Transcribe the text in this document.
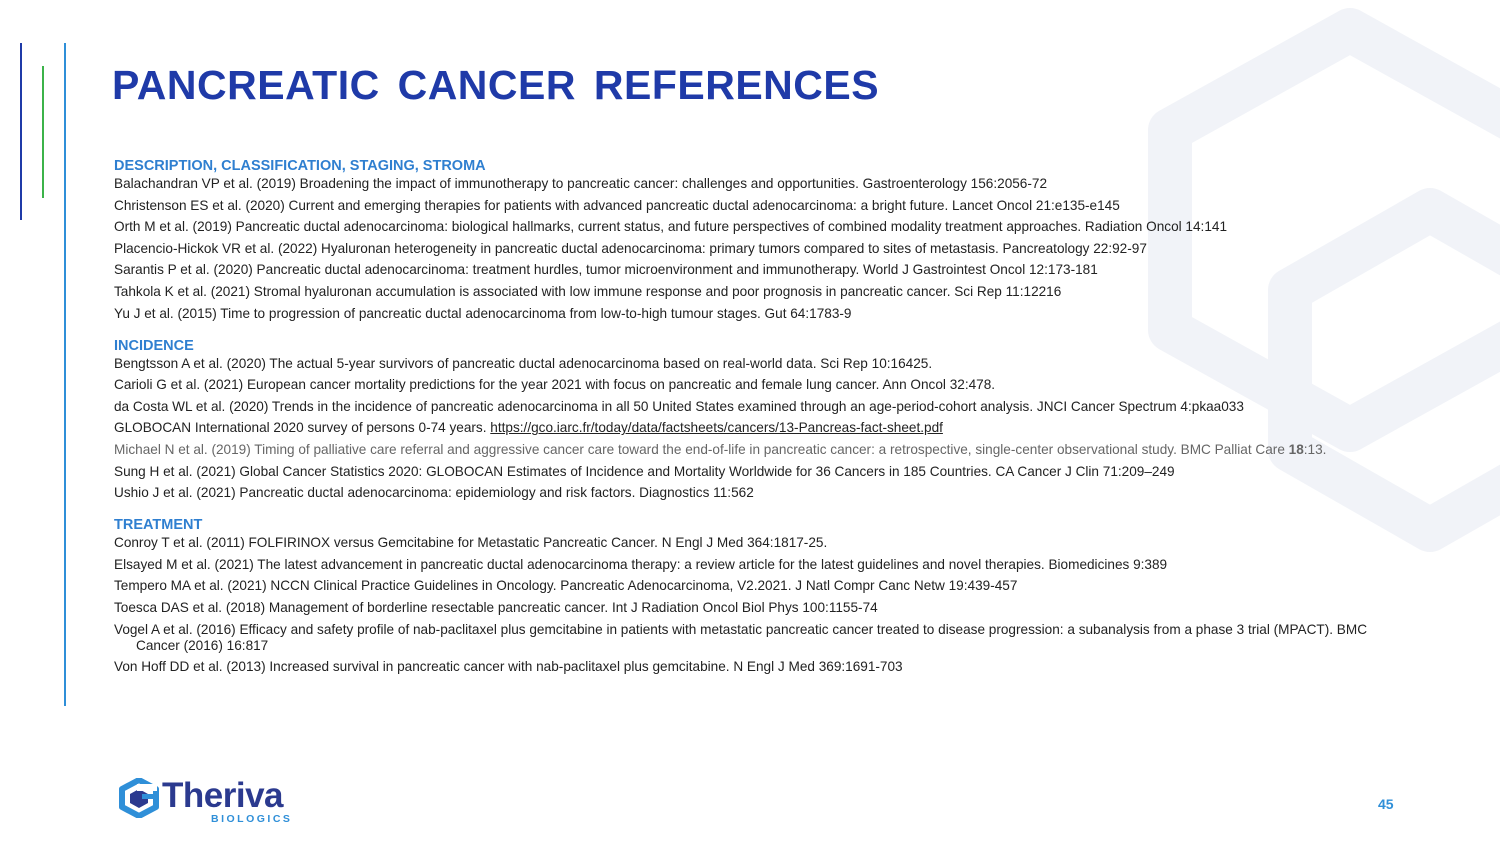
PANCREATIC CANCER REFERENCES
DESCRIPTION, CLASSIFICATION, STAGING, STROMA
Balachandran VP et al. (2019) Broadening the impact of immunotherapy to pancreatic cancer: challenges and opportunities. Gastroenterology 156:2056-72
Christenson ES et al. (2020) Current and emerging therapies for patients with advanced pancreatic ductal adenocarcinoma: a bright future. Lancet Oncol 21:e135-e145
Orth M et al. (2019) Pancreatic ductal adenocarcinoma: biological hallmarks, current status, and future perspectives of combined modality treatment approaches. Radiation Oncol 14:141
Placencio-Hickok VR et al. (2022) Hyaluronan heterogeneity in pancreatic ductal adenocarcinoma: primary tumors compared to sites of metastasis. Pancreatology 22:92-97
Sarantis P et al. (2020) Pancreatic ductal adenocarcinoma: treatment hurdles, tumor microenvironment and immunotherapy. World J Gastrointest Oncol 12:173-181
Tahkola K et al. (2021) Stromal hyaluronan accumulation is associated with low immune response and poor prognosis in pancreatic cancer. Sci Rep 11:12216
Yu J et al. (2015) Time to progression of pancreatic ductal adenocarcinoma from low-to-high tumour stages. Gut 64:1783-9
INCIDENCE
Bengtsson A et al. (2020) The actual 5-year survivors of pancreatic ductal adenocarcinoma based on real-world data. Sci Rep 10:16425.
Carioli G et al. (2021) European cancer mortality predictions for the year 2021 with focus on pancreatic and female lung cancer. Ann Oncol 32:478.
da Costa WL et al. (2020) Trends in the incidence of pancreatic adenocarcinoma in all 50 United States examined through an age-period-cohort analysis. JNCI Cancer Spectrum 4:pkaa033
GLOBOCAN International 2020 survey of persons 0-74 years. https://gco.iarc.fr/today/data/factsheets/cancers/13-Pancreas-fact-sheet.pdf
Michael N et al. (2019) Timing of palliative care referral and aggressive cancer care toward the end-of-life in pancreatic cancer: a retrospective, single-center observational study. BMC Palliat Care 18:13.
Sung H et al. (2021) Global Cancer Statistics 2020: GLOBOCAN Estimates of Incidence and Mortality Worldwide for 36 Cancers in 185 Countries. CA Cancer J Clin 71:209–249
Ushio J et al. (2021) Pancreatic ductal adenocarcinoma: epidemiology and risk factors. Diagnostics 11:562
TREATMENT
Conroy T et al. (2011) FOLFIRINOX versus Gemcitabine for Metastatic Pancreatic Cancer. N Engl J Med 364:1817-25.
Elsayed M et al. (2021) The latest advancement in pancreatic ductal adenocarcinoma therapy: a review article for the latest guidelines and novel therapies. Biomedicines 9:389
Tempero MA et al. (2021) NCCN Clinical Practice Guidelines in Oncology. Pancreatic Adenocarcinoma, V2.2021. J Natl Compr Canc Netw 19:439-457
Toesca DAS et al. (2018) Management of borderline resectable pancreatic cancer. Int J Radiation Oncol Biol Phys 100:1155-74
Vogel A et al. (2016) Efficacy and safety profile of nab-paclitaxel plus gemcitabine in patients with metastatic pancreatic cancer treated to disease progression: a subanalysis from a phase 3 trial (MPACT). BMC Cancer (2016) 16:817
Von Hoff DD et al. (2013) Increased survival in pancreatic cancer with nab-paclitaxel plus gemcitabine. N Engl J Med 369:1691-703
Theriva
BIOLOGICS
45
